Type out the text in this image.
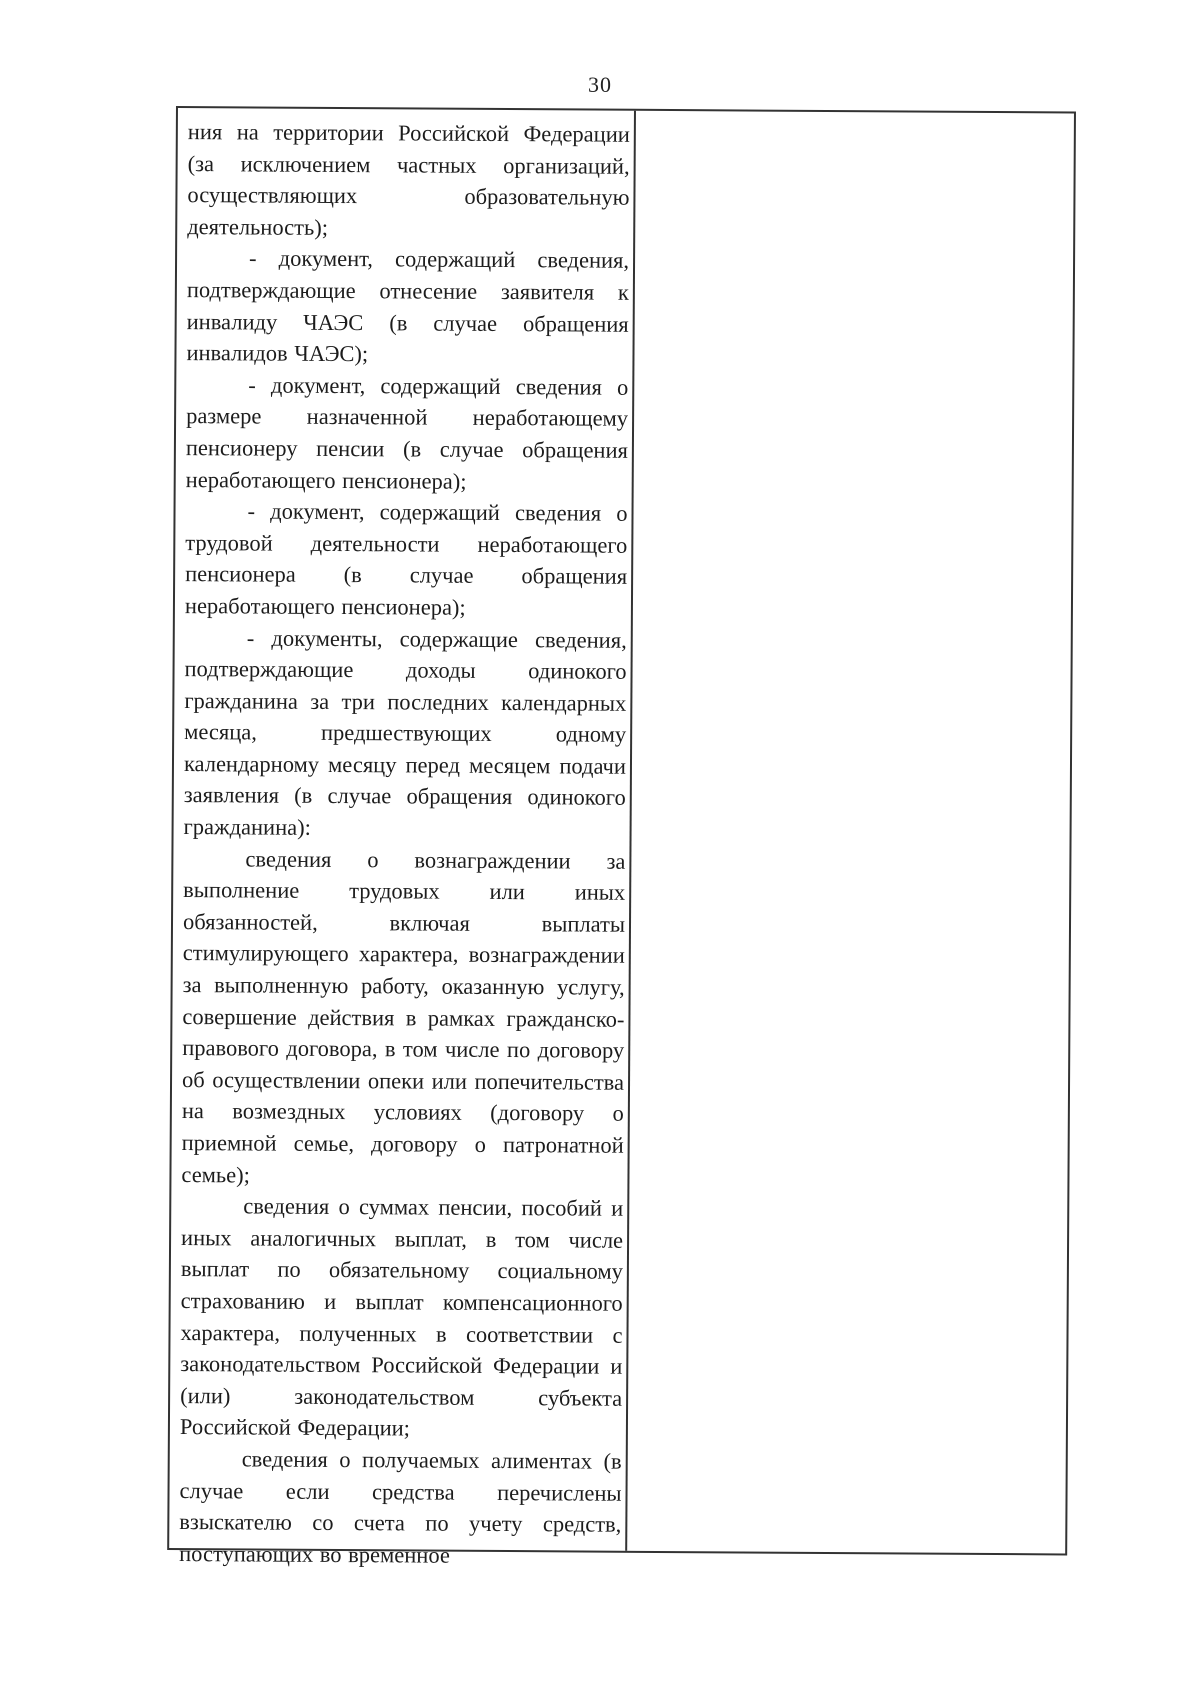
30

ния на территории Российской Федерации (за исключением частных организаций, осуществляющих образовательную деятельность);

- документ, содержащий сведения, подтверждающие отнесение заявителя к инвалиду ЧАЭС (в случае обращения инвалидов ЧАЭС);

- документ, содержащий сведения о размере назначенной неработающему пенсионеру пенсии (в случае обращения неработающего пенсионера);

- документ, содержащий сведения о трудовой деятельности неработающего пенсионера (в случае обращения неработающего пенсионера);

- документы, содержащие сведения, подтверждающие доходы одинокого гражданина за три последних календарных месяца, предшествующих одному календарному месяцу перед месяцем подачи заявления (в случае обращения одинокого гражданина):

сведения о вознаграждении за выполнение трудовых или иных обязанностей, включая выплаты стимулирующего характера, вознаграждении за выполненную работу, оказанную услугу, совершение действия в рамках гражданско-правового договора, в том числе по договору об осуществлении опеки или попечительства на возмездных условиях (договору о приемной семье, договору о патронатной семье);

сведения о суммах пенсии, пособий и иных аналогичных выплат, в том числе выплат по обязательному социальному страхованию и выплат компенсационного характера, полученных в соответствии с законодательством Российской Федерации и (или) законодательством субъекта Российской Федерации;

сведения о получаемых алиментах (в случае если средства перечислены взыскателю со счета по учету средств, поступающих во временное
